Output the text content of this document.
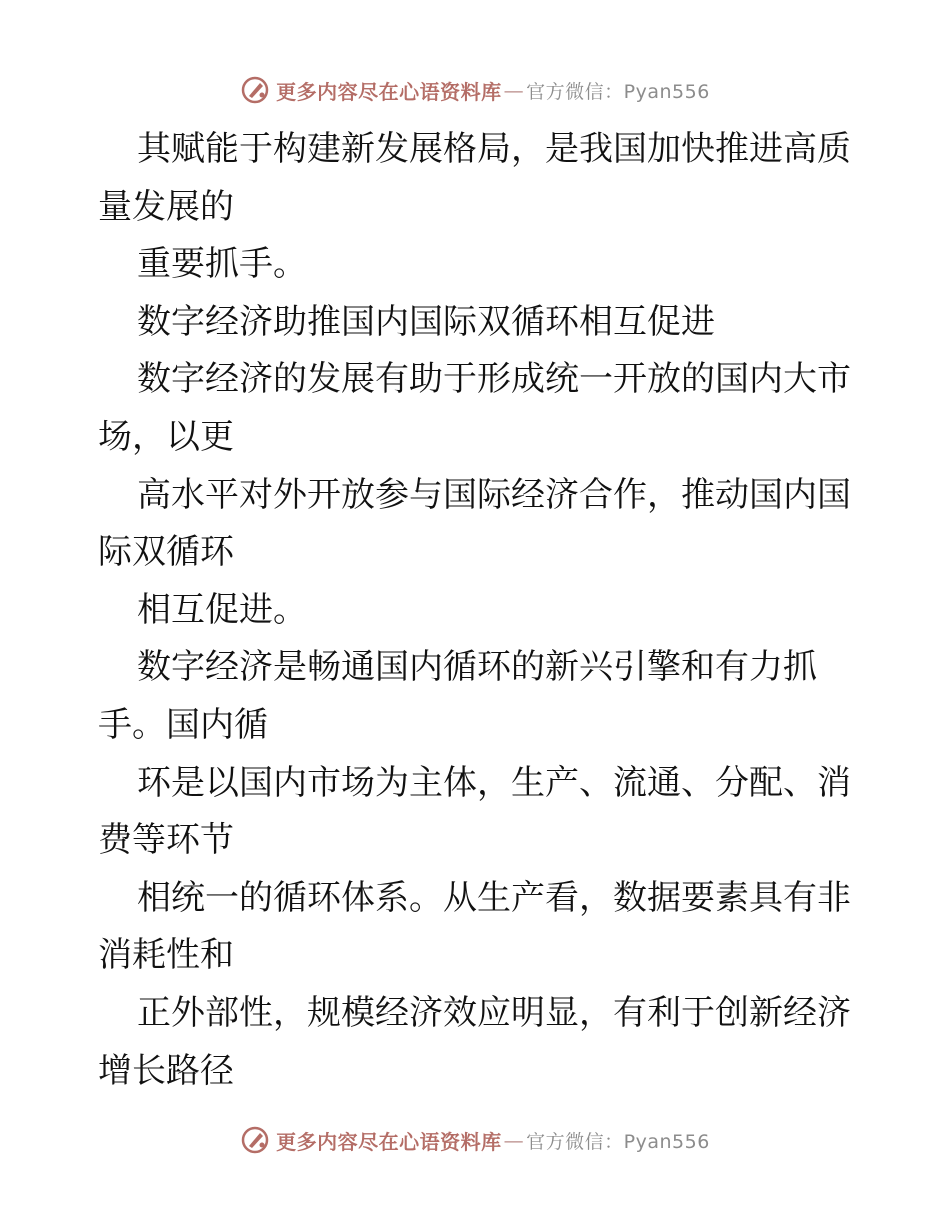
更多内容尽在心语资料库 — 官方微信：Pyan556
其赋能于构建新发展格局，是我国加快推进高质
量发展的
重要抓手。
数字经济助推国内国际双循环相互促进
数字经济的发展有助于形成统一开放的国内大市
场，以更
高水平对外开放参与国际经济合作，推动国内国
际双循环
相互促进。
数字经济是畅通国内循环的新兴引擎和有力抓
手。国内循
环是以国内市场为主体，生产、流通、分配、消
费等环节
相统一的循环体系。从生产看，数据要素具有非
消耗性和
正外部性，规模经济效应明显，有利于创新经济
增长路径
更多内容尽在心语资料库 — 官方微信：Pyan556
